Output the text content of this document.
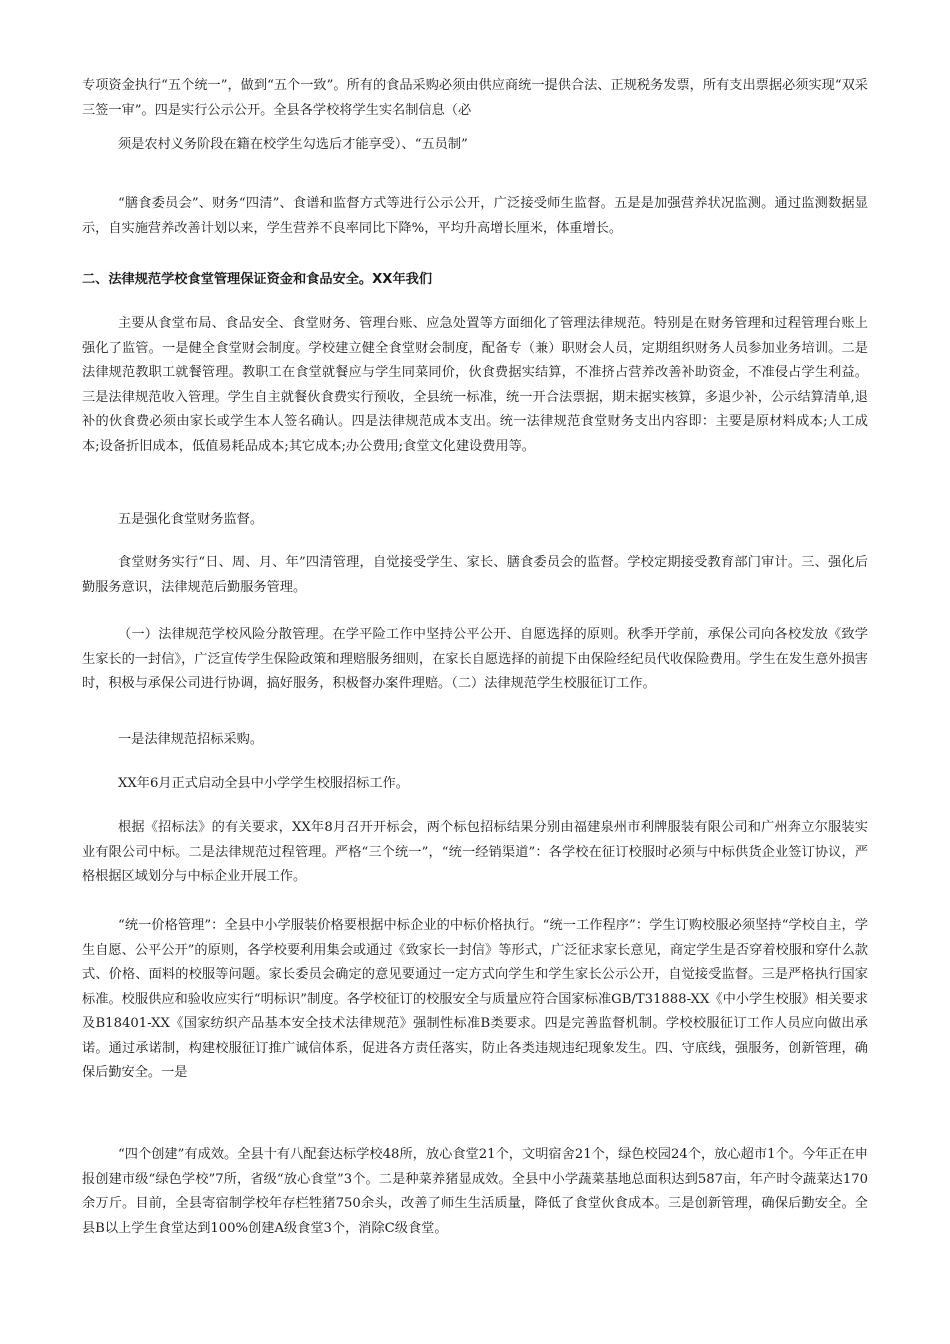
专项资金执行“五个统一”，做到“五个一致”。所有的食品采购必须由供应商统一提供合法、正规税务发票，所有支出票据必须实现“双采三签一审”。四是实行公示公开。全县各学校将学生实名制信息（必

须是农村义务阶段在籍在校学生勾选后才能享受）、“五员制”

“膳食委员会”、财务“四清”、食谱和监督方式等进行公示公开，广泛接受师生监督。五是是加强营养状况监测。通过监测数据显示，自实施营养改善计划以来，学生营养不良率同比下降%，平均升高增长厘米，体重增长。

二、法律规范学校食堂管理保证资金和食品安全。XX年我们

主要从食堂布局、食品安全、食堂财务、管理台账、应急处置等方面细化了管理法律规范。特别是在财务管理和过程管理台账上强化了监管。一是健全食堂财会制度。学校建立健全食堂财会制度，配备专（兼）职财会人员，定期组织财务人员参加业务培训。二是法律规范教职工就餐管理。教职工在食堂就餐应与学生同菜同价，伙食费据实结算，不准挤占营养改善补助资金，不准侵占学生利益。三是法律规范收入管理。学生自主就餐伙食费实行预收，全县统一标准，统一开合法票据，期末据实核算，多退少补，公示结算清单,退补的伙食费必须由家长或学生本人签名确认。四是法律规范成本支出。统一法律规范食堂财务支出内容即：主要是原材料成本;人工成本;设备折旧成本，低值易耗品成本;其它成本;办公费用;食堂文化建设费用等。

五是强化食堂财务监督。

食堂财务实行“日、周、月、年”四清管理，自觉接受学生、家长、膳食委员会的监督。学校定期接受教育部门审计。三、强化后勤服务意识，法律规范后勤服务管理。

（一）法律规范学校风险分散管理。在学平险工作中坚持公平公开、自愿选择的原则。秋季开学前，承保公司向各校发放《致学生家长的一封信》，广泛宣传学生保险政策和理赔服务细则，在家长自愿选择的前提下由保险经纪员代收保险费用。学生在发生意外损害时，积极与承保公司进行协调，搞好服务，积极督办案件理赔。（二）法律规范学生校服征订工作。

一是法律规范招标采购。

XX年6月正式启动全县中小学学生校服招标工作。

根据《招标法》的有关要求，XX年8月召开开标会，两个标包招标结果分别由福建泉州市利牌服装有限公司和广州奔立尔服装实业有限公司中标。二是法律规范过程管理。严格“三个统一”，“统一经销渠道”：各学校在征订校服时必须与中标供货企业签订协议，严格根据区域划分与中标企业开展工作。

“统一价格管理”：全县中小学服装价格要根据中标企业的中标价格执行。“统一工作程序”：学生订购校服必须坚持“学校自主，学生自愿、公平公开”的原则，各学校要利用集会或通过《致家长一封信》等形式，广泛征求家长意见，商定学生是否穿着校服和穿什么款式、价格、面料的校服等问题。家长委员会确定的意见要通过一定方式向学生和学生家长公示公开，自觉接受监督。三是严格执行国家标准。校服供应和验收应实行“明标识”制度。各学校征订的校服安全与质量应符合国家标准GB/T31888-XX《中小学生校服》相关要求及B18401-XX《国家纺织产品基本安全技术法律规范》强制性标准B类要求。四是完善监督机制。学校校服征订工作人员应向做出承诺。通过承诺制，构建校服征订推广诚信体系，促进各方责任落实，防止各类违规违纪现象发生。四、守底线，强服务，创新管理，确保后勤安全。一是

“四个创建”有成效。全县十有八配套达标学校48所，放心食堂21个，文明宿舍21个，绿色校园24个，放心超市1个。今年正在申报创建市级“绿色学校”7所，省级“放心食堂”3个。二是种菜养猪显成效。全县中小学蔬菜基地总面积达到587亩，年产时令蔬菜达170余万斤。目前，全县寄宿制学校年存栏牲猪750余头，改善了师生生活质量，降低了食堂伙食成本。三是创新管理，确保后勤安全。全县B以上学生食堂达到100%创建A级食堂3个，消除C级食堂。
